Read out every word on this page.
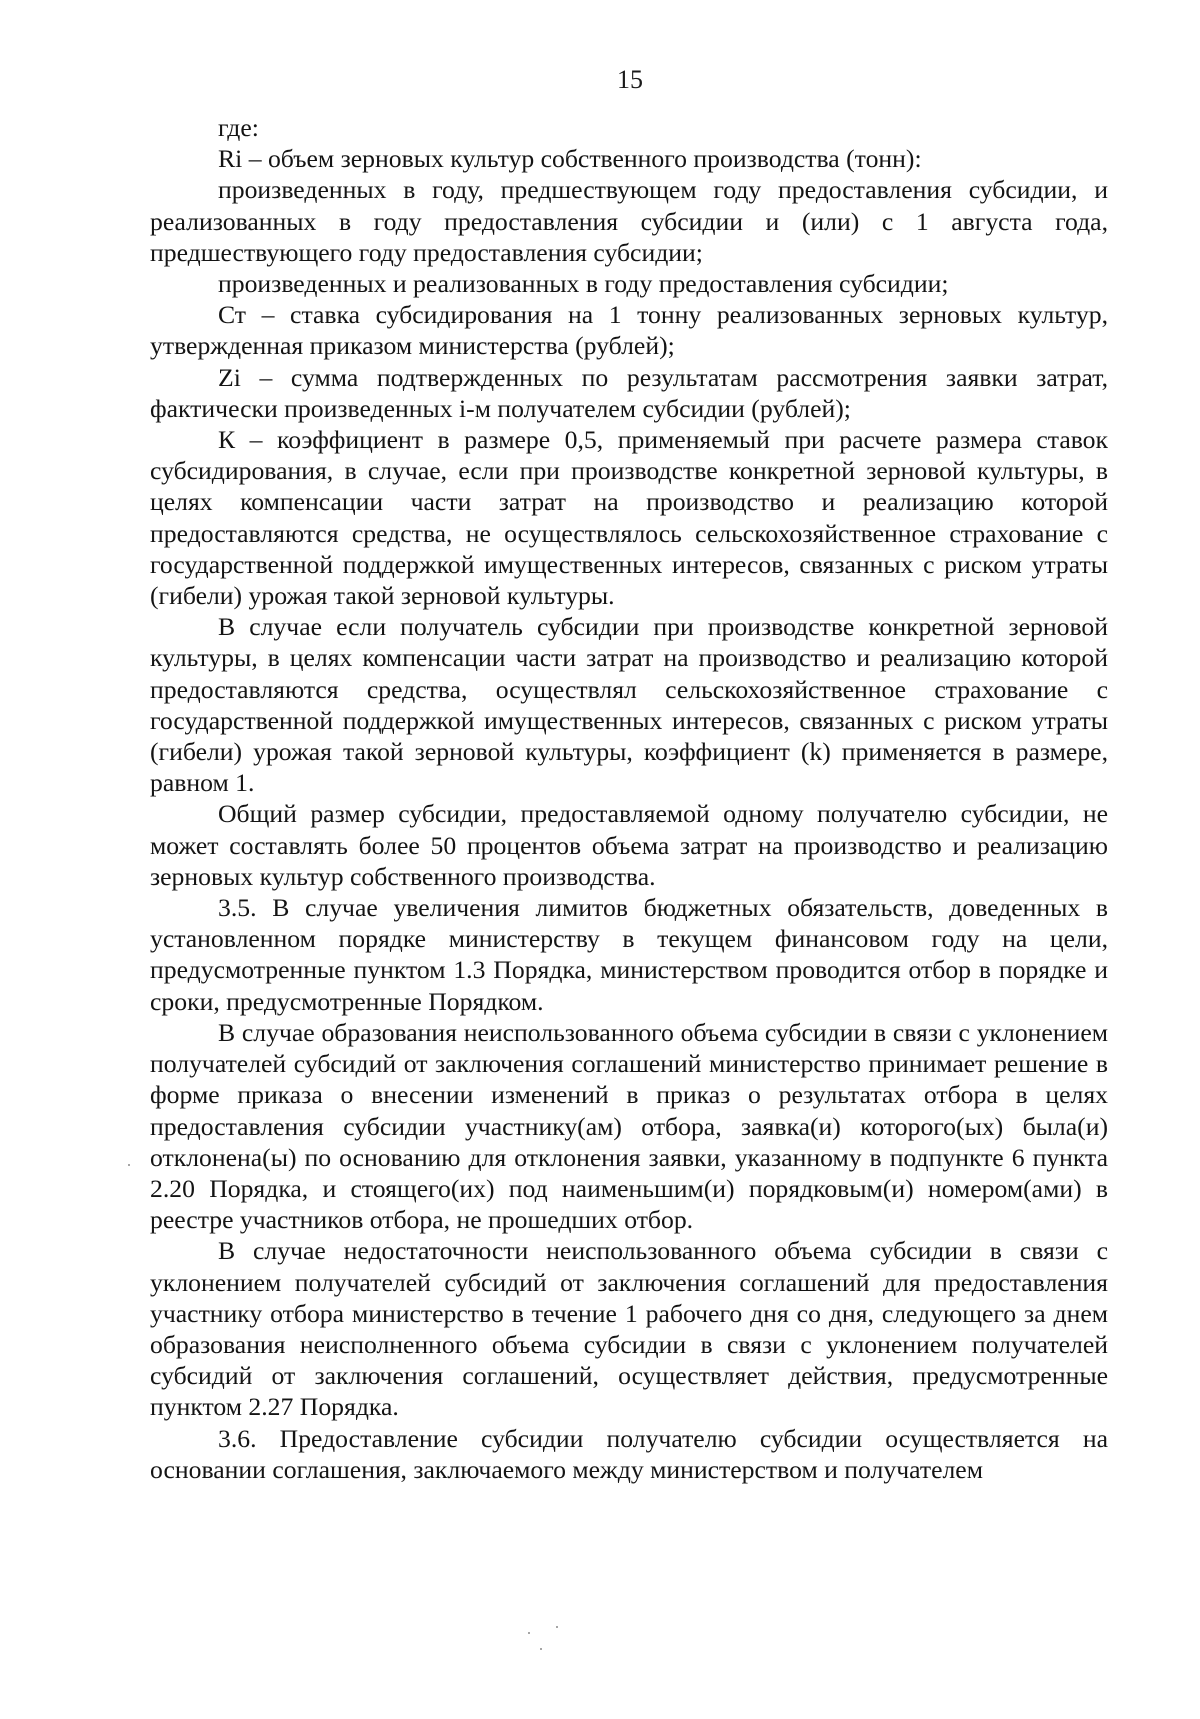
15

где:

Ri – объем зерновых культур собственного производства (тонн):

произведенных в году, предшествующем году предоставления субсидии, и реализованных в году предоставления субсидии и (или) с 1 августа года, предшествующего году предоставления субсидии;

произведенных и реализованных в году предоставления субсидии;

Ст – ставка субсидирования на 1 тонну реализованных зерновых культур, утвержденная приказом министерства (рублей);

Zi – сумма подтвержденных по результатам рассмотрения заявки затрат, фактически произведенных i-м получателем субсидии (рублей);

К – коэффициент в размере 0,5, применяемый при расчете размера ставок субсидирования, в случае, если при производстве конкретной зерновой культуры, в целях компенсации части затрат на производство и реализацию которой предоставляются средства, не осуществлялось сельскохозяйственное страхование с государственной поддержкой имущественных интересов, связанных с риском утраты (гибели) урожая такой зерновой культуры.

В случае если получатель субсидии при производстве конкретной зерновой культуры, в целях компенсации части затрат на производство и реализацию которой предоставляются средства, осуществлял сельскохозяйственное страхование с государственной поддержкой имущественных интересов, связанных с риском утраты (гибели) урожая такой зерновой культуры, коэффициент (k) применяется в размере, равном 1.

Общий размер субсидии, предоставляемой одному получателю субсидии, не может составлять более 50 процентов объема затрат на производство и реализацию зерновых культур собственного производства.

3.5. В случае увеличения лимитов бюджетных обязательств, доведенных в установленном порядке министерству в текущем финансовом году на цели, предусмотренные пунктом 1.3 Порядка, министерством проводится отбор в порядке и сроки, предусмотренные Порядком.

В случае образования неиспользованного объема субсидии в связи с уклонением получателей субсидий от заключения соглашений министерство принимает решение в форме приказа о внесении изменений в приказ о результатах отбора в целях предоставления субсидии участнику(ам) отбора, заявка(и) которого(ых) была(и) отклонена(ы) по основанию для отклонения заявки, указанному в подпункте 6 пункта 2.20 Порядка, и стоящего(их) под наименьшим(и) порядковым(и) номером(ами) в реестре участников отбора, не прошедших отбор.

В случае недостаточности неиспользованного объема субсидии в связи с уклонением получателей субсидий от заключения соглашений для предоставления участнику отбора министерство в течение 1 рабочего дня со дня, следующего за днем образования неисполненного объема субсидии в связи с уклонением получателей субсидий от заключения соглашений, осуществляет действия, предусмотренные пунктом 2.27 Порядка.

3.6. Предоставление субсидии получателю субсидии осуществляется на основании соглашения, заключаемого между министерством и получателем
